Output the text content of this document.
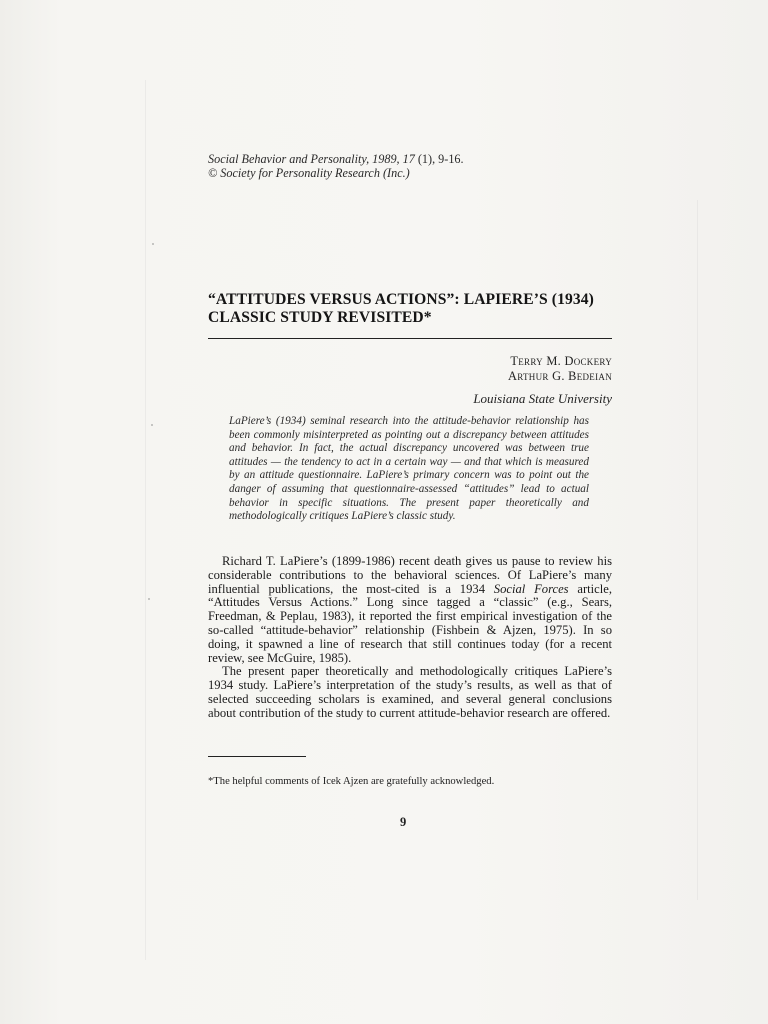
Social Behavior and Personality, 1989, 17 (1), 9-16.
© Society for Personality Research (Inc.)
“ATTITUDES VERSUS ACTIONS”: LAPIERE’S (1934)
CLASSIC STUDY REVISITED*
Terry M. Dockery
Arthur G. Bedeian
Louisiana State University
LaPiere’s (1934) seminal research into the attitude-behavior relationship has been commonly misinterpreted as pointing out a discrepancy between attitudes and behavior. In fact, the actual discrepancy uncovered was between true attitudes — the tendency to act in a certain way — and that which is measured by an attitude questionnaire. LaPiere’s primary concern was to point out the danger of assuming that questionnaire-assessed “attitudes” lead to actual behavior in specific situations. The present paper theoretically and methodologically critiques LaPiere’s classic study.

Richard T. LaPiere’s (1899-1986) recent death gives us pause to review his considerable contributions to the behavioral sciences. Of LaPiere’s many influential publications, the most-cited is a 1934 Social Forces article, “Attitudes Versus Actions.” Long since tagged a “classic” (e.g., Sears, Freedman, & Peplau, 1983), it reported the first empirical investigation of the so-called “attitude-behavior” relationship (Fishbein & Ajzen, 1975). In so doing, it spawned a line of research that still continues today (for a recent review, see McGuire, 1985).

The present paper theoretically and methodologically critiques LaPiere’s 1934 study. LaPiere’s interpretation of the study’s results, as well as that of selected succeeding scholars is examined, and several general conclusions about contribution of the study to current attitude-behavior research are offered.

*The helpful comments of Icek Ajzen are gratefully acknowledged.
9
